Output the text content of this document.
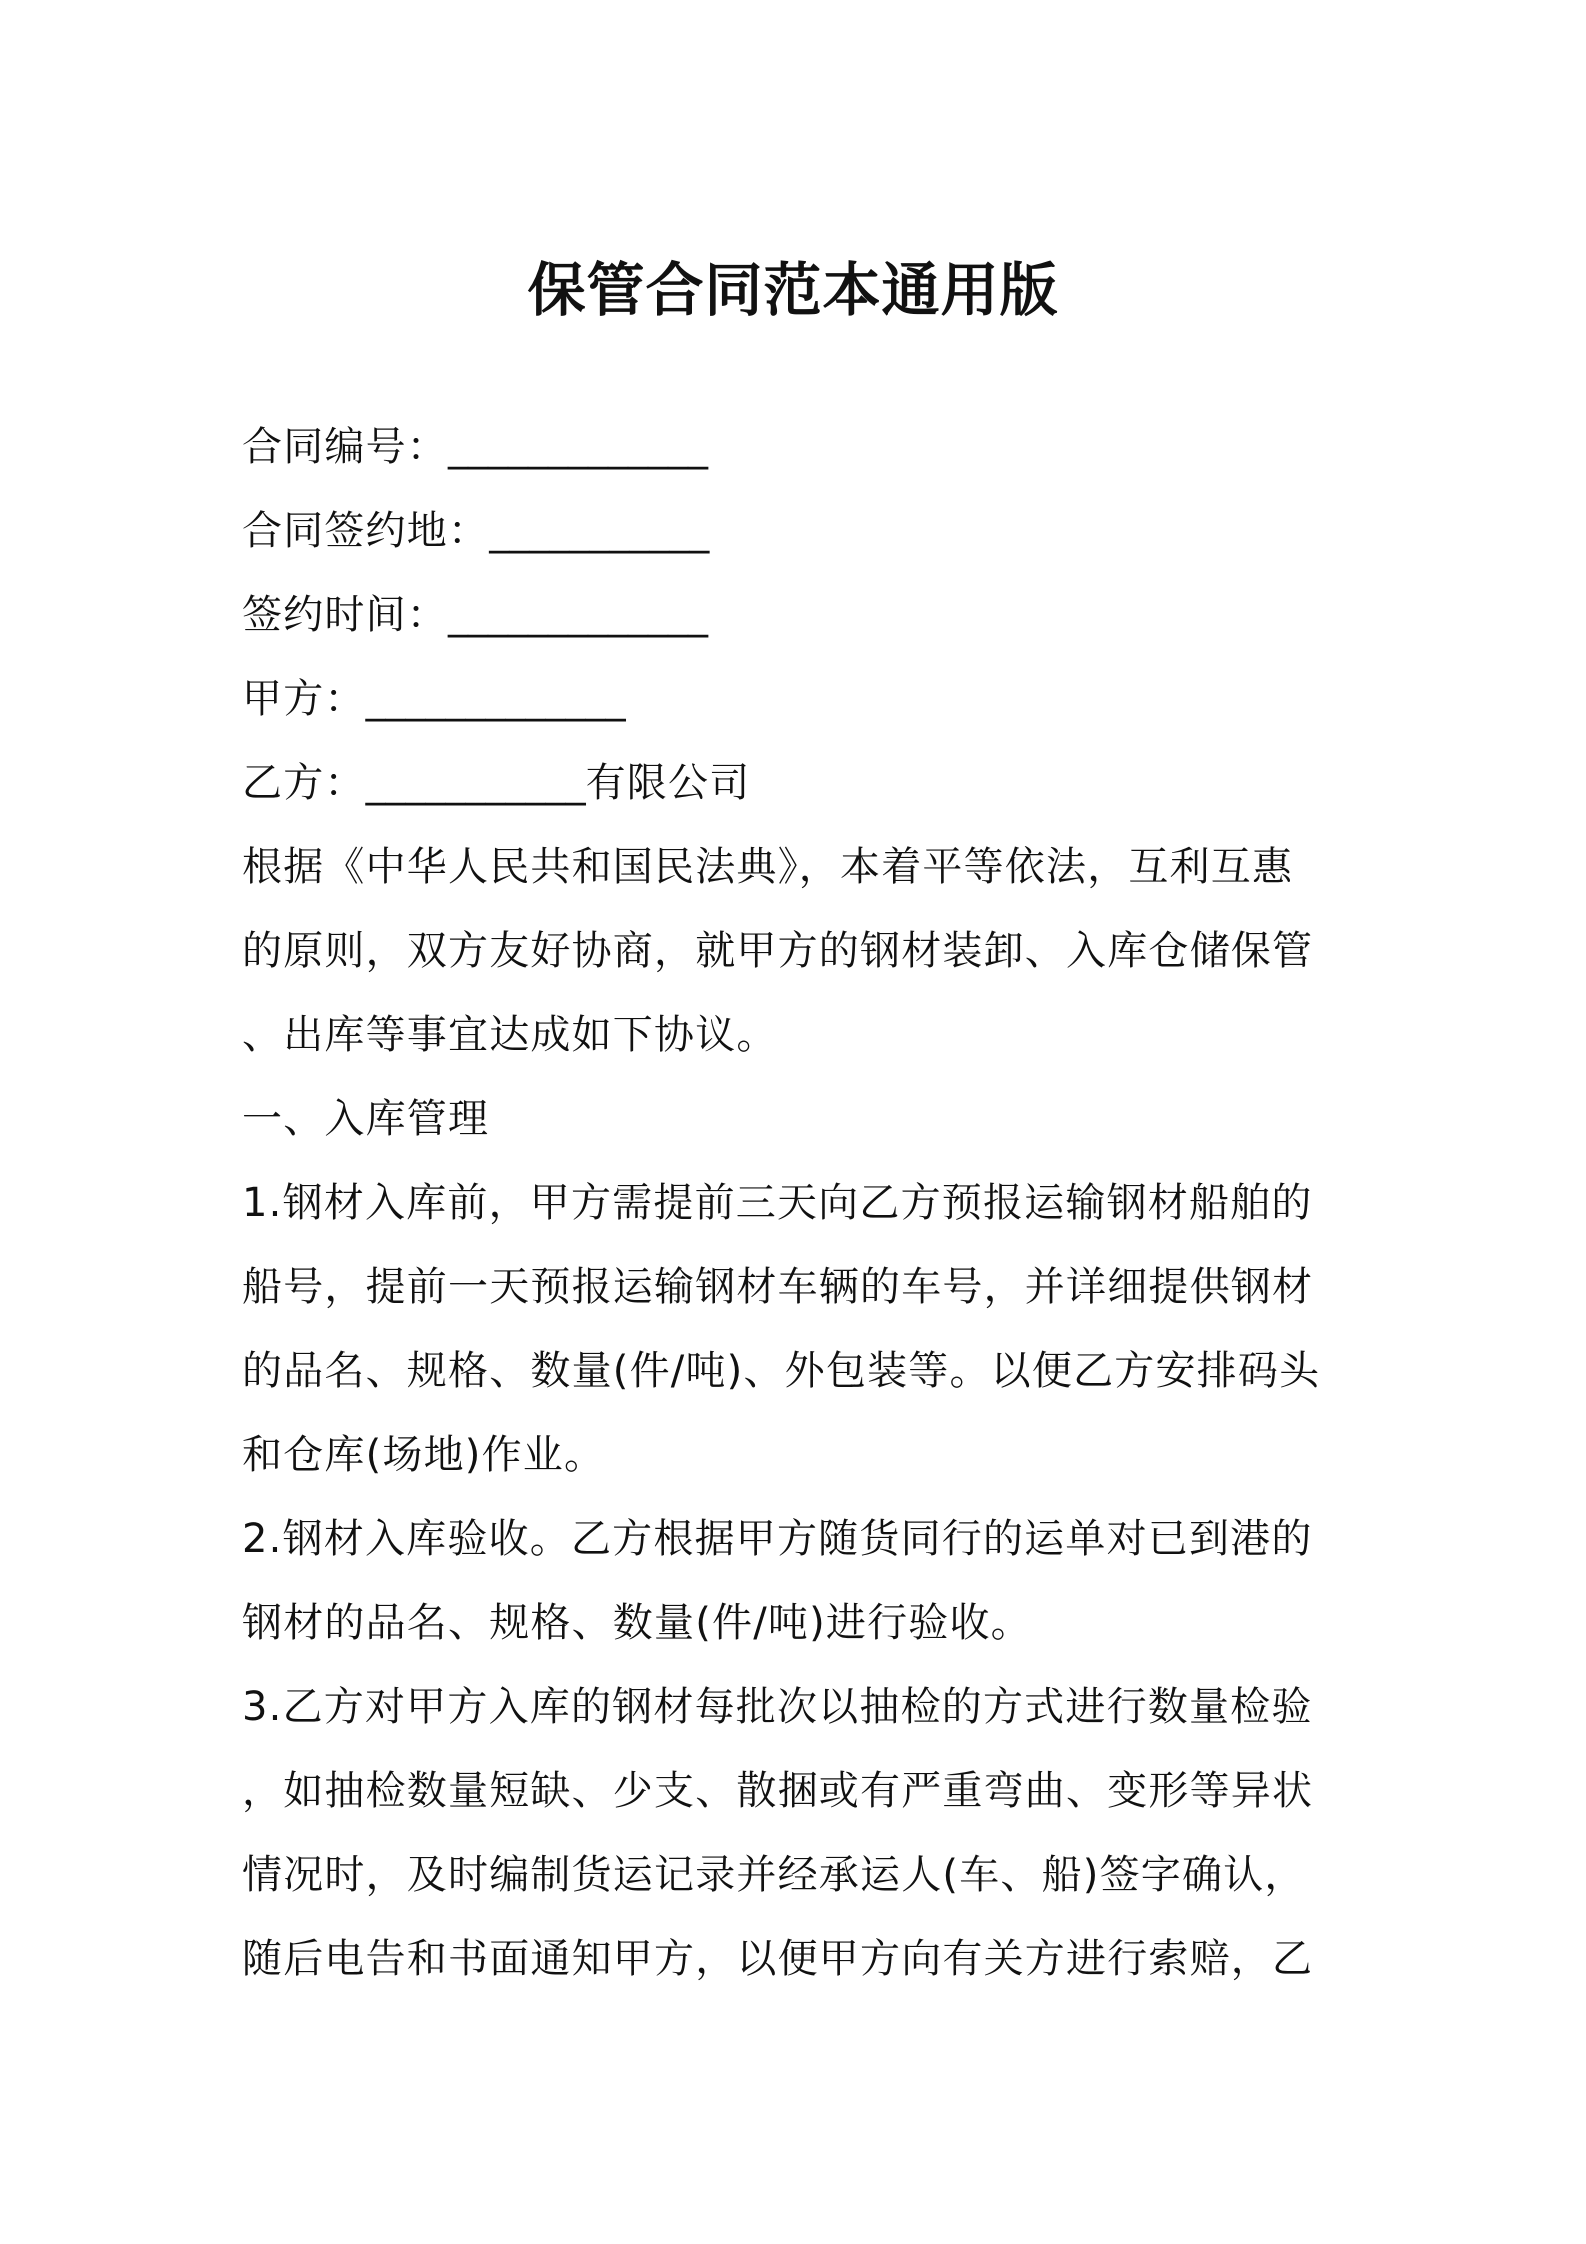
保管合同范本通用版
合同编号：_____________
合同签约地：___________
签约时间：_____________
甲方：_____________
乙方：___________有限公司
根据《中华人民共和国民法典》，本着平等依法，互利互惠
的原则，双方友好协商，就甲方的钢材装卸、入库仓储保管
、出库等事宜达成如下协议。
一、入库管理
1.钢材入库前，甲方需提前三天向乙方预报运输钢材船舶的
船号，提前一天预报运输钢材车辆的车号，并详细提供钢材
的品名、规格、数量(件/吨)、外包装等。以便乙方安排码头
和仓库(场地)作业。
2.钢材入库验收。乙方根据甲方随货同行的运单对已到港的
钢材的品名、规格、数量(件/吨)进行验收。
3.乙方对甲方入库的钢材每批次以抽检的方式进行数量检验
，如抽检数量短缺、少支、散捆或有严重弯曲、变形等异状
情况时，及时编制货运记录并经承运人(车、船)签字确认，
随后电告和书面通知甲方，以便甲方向有关方进行索赔，乙
